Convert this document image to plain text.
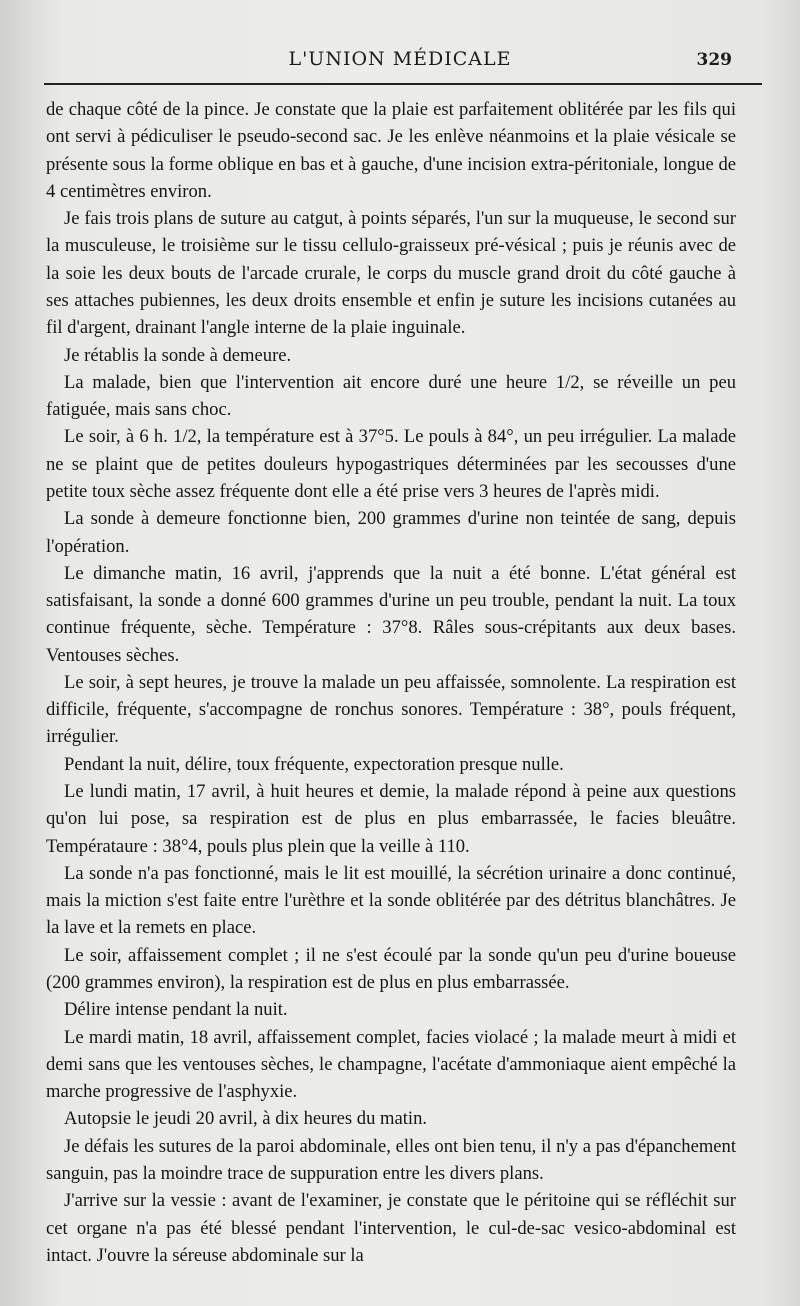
L'UNION MÉDICALE	329

de chaque côté de la pince. Je constate que la plaie est parfaitement oblitérée par les fils qui ont servi à pédiculiser le pseudo-second sac. Je les enlève néanmoins et la plaie vésicale se présente sous la forme oblique en bas et à gauche, d'une incision extra-péritoniale, longue de 4 centimètres environ.

Je fais trois plans de suture au catgut, à points séparés, l'un sur la muqueuse, le second sur la musculeuse, le troisième sur le tissu cellulo-graisseux pré-vésical ; puis je réunis avec de la soie les deux bouts de l'arcade crurale, le corps du muscle grand droit du côté gauche à ses attaches pubiennes, les deux droits ensemble et enfin je suture les incisions cutanées au fil d'argent, drainant l'angle interne de la plaie inguinale.

Je rétablis la sonde à demeure.

La malade, bien que l'intervention ait encore duré une heure 1/2, se réveille un peu fatiguée, mais sans choc.

Le soir, à 6 h. 1/2, la température est à 37°5. Le pouls à 84°, un peu irrégulier. La malade ne se plaint que de petites douleurs hypogastriques déterminées par les secousses d'une petite toux sèche assez fréquente dont elle a été prise vers 3 heures de l'après midi.

La sonde à demeure fonctionne bien, 200 grammes d'urine non teintée de sang, depuis l'opération.

Le dimanche matin, 16 avril, j'apprends que la nuit a été bonne. L'état général est satisfaisant, la sonde a donné 600 grammes d'urine un peu trouble, pendant la nuit. La toux continue fréquente, sèche. Température : 37°8. Râles sous-crépitants aux deux bases. Ventouses sèches.

Le soir, à sept heures, je trouve la malade un peu affaissée, somnolente. La respiration est difficile, fréquente, s'accompagne de ronchus sonores. Température : 38°, pouls fréquent, irrégulier.

Pendant la nuit, délire, toux fréquente, expectoration presque nulle.

Le lundi matin, 17 avril, à huit heures et demie, la malade répond à peine aux questions qu'on lui pose, sa respiration est de plus en plus embarrassée, le facies bleuâtre. Températaure : 38°4, pouls plus plein que la veille à 110.

La sonde n'a pas fonctionné, mais le lit est mouillé, la sécrétion urinaire a donc continué, mais la miction s'est faite entre l'urèthre et la sonde oblitérée par des détritus blanchâtres. Je la lave et la remets en place.

Le soir, affaissement complet ; il ne s'est écoulé par la sonde qu'un peu d'urine boueuse (200 grammes environ), la respiration est de plus en plus embarrassée.

Délire intense pendant la nuit.

Le mardi matin, 18 avril, affaissement complet, facies violacé ; la malade meurt à midi et demi sans que les ventouses sèches, le champagne, l'acétate d'ammoniaque aient empêché la marche progressive de l'asphyxie.

Autopsie le jeudi 20 avril, à dix heures du matin.

Je défais les sutures de la paroi abdominale, elles ont bien tenu, il n'y a pas d'épanchement sanguin, pas la moindre trace de suppuration entre les divers plans.

J'arrive sur la vessie : avant de l'examiner, je constate que le péritoine qui se réfléchit sur cet organe n'a pas été blessé pendant l'intervention, le cul-de-sac vesico-abdominal est intact. J'ouvre la séreuse abdominale sur la
